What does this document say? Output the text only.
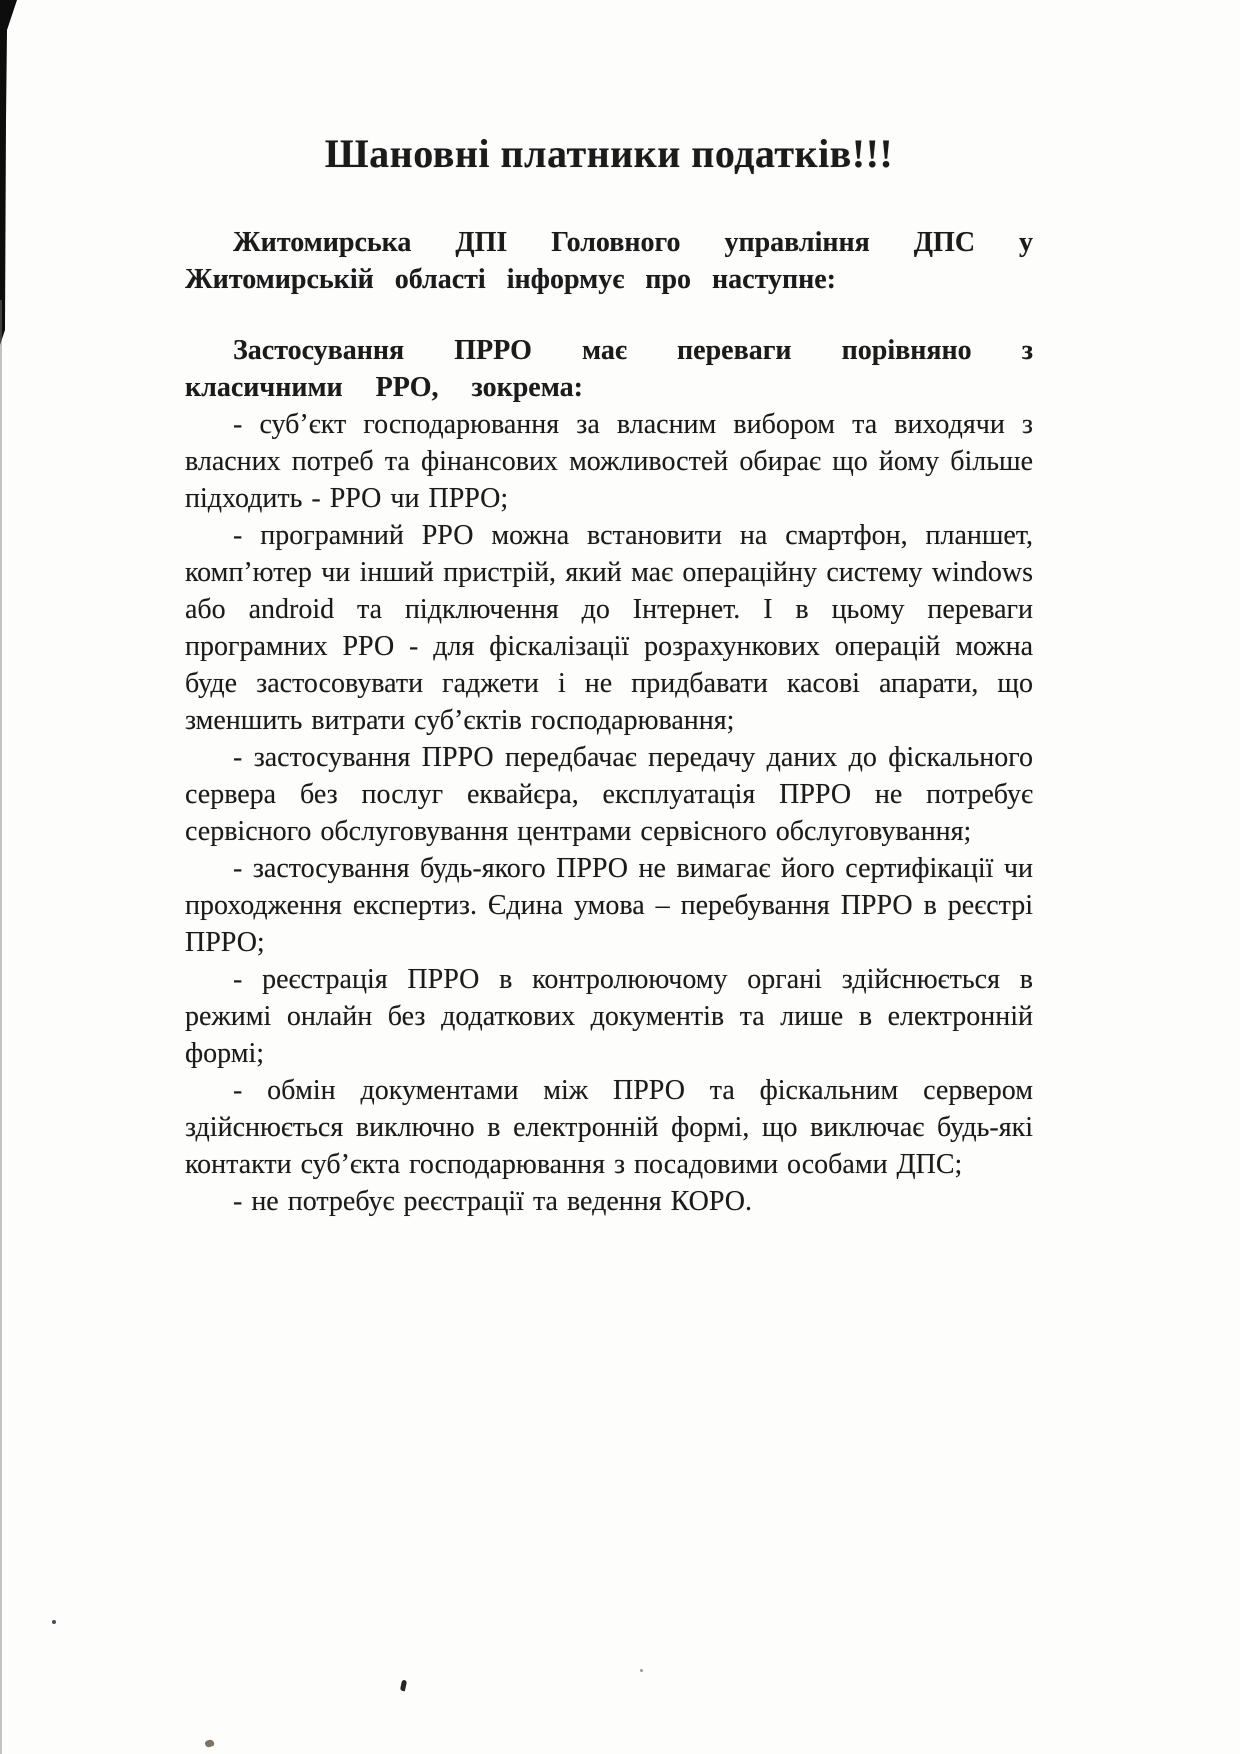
Шановні платники податків!!!

Житомирська ДПІ Головного управління ДПС у Житомирській області інформує про наступне:

Застосування ПРРО має переваги порівняно з класичними РРО, зокрема:

- суб’єкт господарювання за власним вибором та виходячи з власних потреб та фінансових можливостей обирає що йому більше підходить - РРО чи ПРРО;

- програмний РРО можна встановити на смартфон, планшет, комп’ютер чи інший пристрій, який має операційну систему windows або android та підключення до Інтернет. І в цьому переваги програмних РРО - для фіскалізації розрахункових операцій можна буде застосовувати гаджети і не придбавати касові апарати, що зменшить витрати суб’єктів господарювання;

- застосування ПРРО передбачає передачу даних до фіскального сервера без послуг еквайєра, експлуатація ПРРО не потребує сервісного обслуговування центрами сервісного обслуговування;

- застосування будь-якого ПРРО не вимагає його сертифікації чи проходження експертиз. Єдина умова – перебування ПРРО в реєстрі ПРРО;

- реєстрація ПРРО в контролюючому органі здійснюється в режимі онлайн без додаткових документів та лише в електронній формі;

- обмін документами між ПРРО та фіскальним сервером здійснюється виключно в електронній формі, що виключає будь-які контакти суб’єкта господарювання з посадовими особами ДПС;

- не потребує реєстрації та ведення КОРО.
